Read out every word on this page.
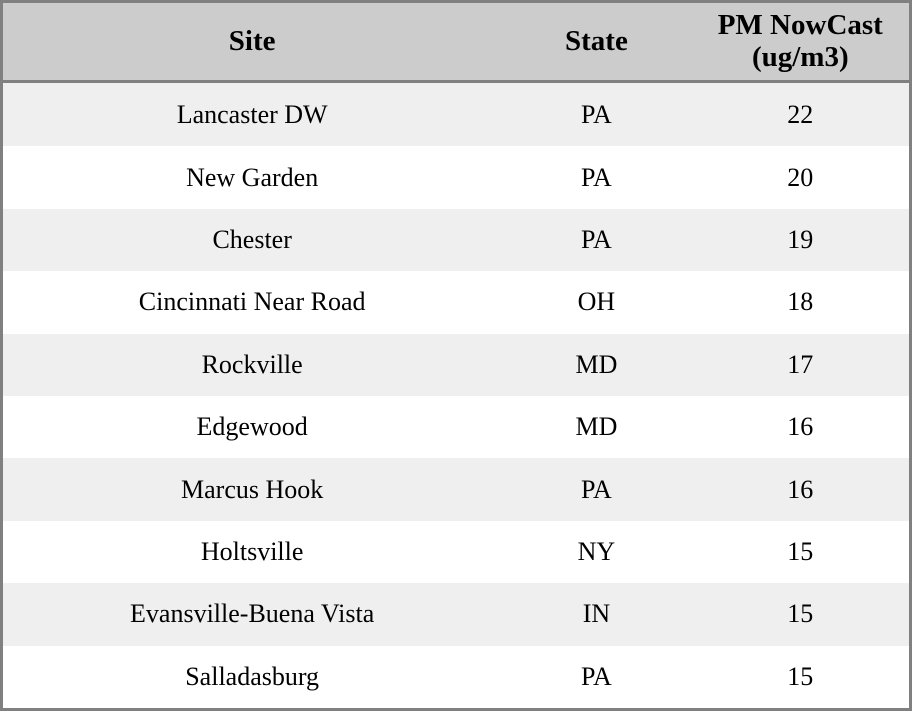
Site	State	PM NowCast (ug/m3)
Lancaster DW	PA	22
New Garden	PA	20
Chester	PA	19
Cincinnati Near Road	OH	18
Rockville	MD	17
Edgewood	MD	16
Marcus Hook	PA	16
Holtsville	NY	15
Evansville-Buena Vista	IN	15
Salladasburg	PA	15
